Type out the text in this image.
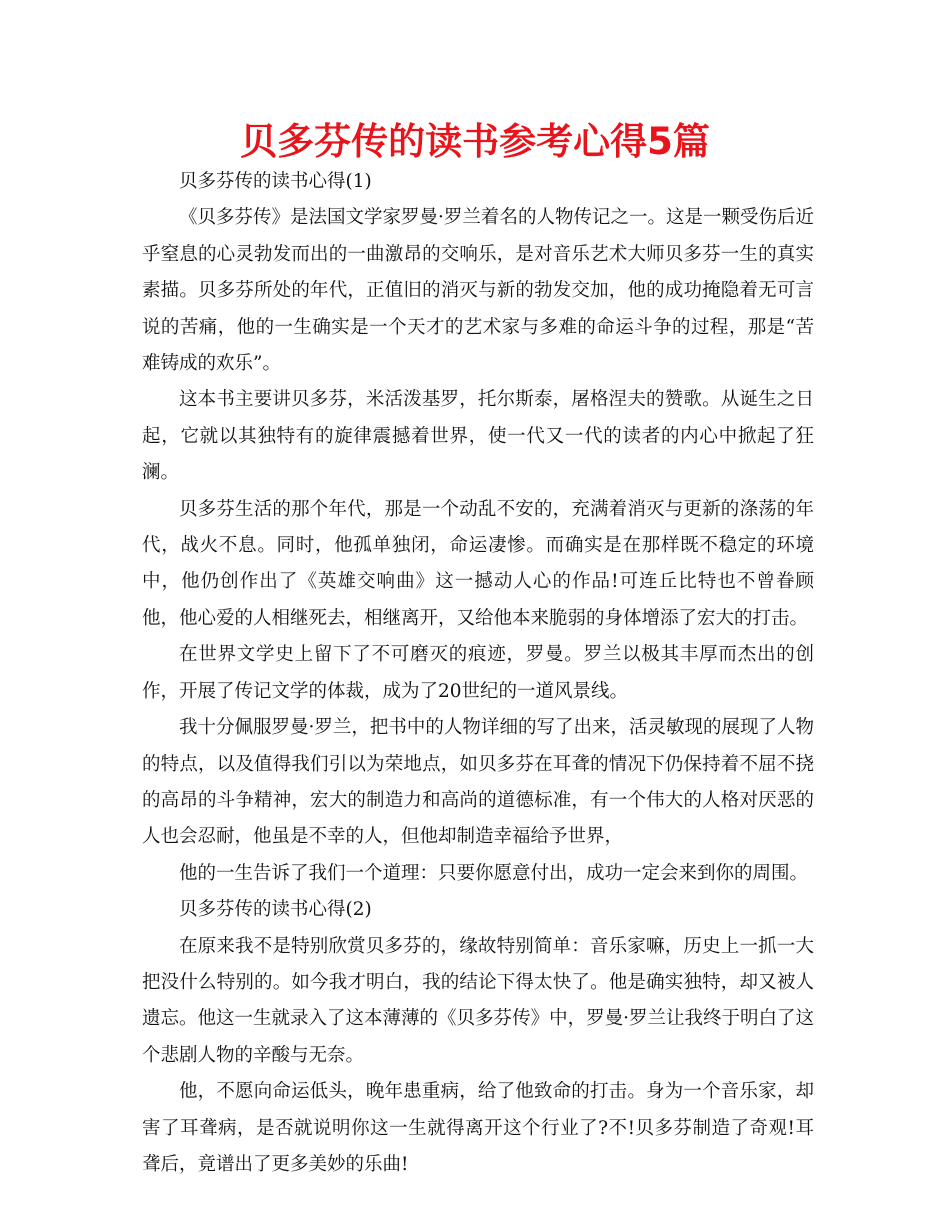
贝多芬传的读书参考心得5篇

贝多芬传的读书心得(1)

《贝多芬传》是法国文学家罗曼·罗兰着名的人物传记之一。这是一颗受伤后近乎窒息的心灵勃发而出的一曲激昂的交响乐，是对音乐艺术大师贝多芬一生的真实素描。贝多芬所处的年代，正值旧的消灭与新的勃发交加，他的成功掩隐着无可言说的苦痛，他的一生确实是一个天才的艺术家与多难的命运斗争的过程，那是“苦难铸成的欢乐”。

这本书主要讲贝多芬，米活泼基罗，托尔斯泰，屠格涅夫的赞歌。从诞生之日起，它就以其独特有的旋律震撼着世界，使一代又一代的读者的内心中掀起了狂澜。

贝多芬生活的那个年代，那是一个动乱不安的，充满着消灭与更新的涤荡的年代，战火不息。同时，他孤单独闭，命运凄惨。而确实是在那样既不稳定的环境中，他仍创作出了《英雄交响曲》这一撼动人心的作品!可连丘比特也不曾眷顾他，他心爱的人相继死去，相继离开，又给他本来脆弱的身体增添了宏大的打击。

在世界文学史上留下了不可磨灭的痕迹，罗曼。罗兰以极其丰厚而杰出的创作，开展了传记文学的体裁，成为了20世纪的一道风景线。

我十分佩服罗曼·罗兰，把书中的人物详细的写了出来，活灵敏现的展现了人物的特点，以及值得我们引以为荣地点，如贝多芬在耳聋的情况下仍保持着不屈不挠的高昂的斗争精神，宏大的制造力和高尚的道德标准，有一个伟大的人格对厌恶的人也会忍耐，他虽是不幸的人，但他却制造幸福给予世界，

他的一生告诉了我们一个道理：只要你愿意付出，成功一定会来到你的周围。

贝多芬传的读书心得(2)

在原来我不是特别欣赏贝多芬的，缘故特别简单：音乐家嘛，历史上一抓一大把没什么特别的。如今我才明白，我的结论下得太快了。他是确实独特，却又被人遗忘。他这一生就录入了这本薄薄的《贝多芬传》中，罗曼·罗兰让我终于明白了这个悲剧人物的辛酸与无奈。

他，不愿向命运低头，晚年患重病，给了他致命的打击。身为一个音乐家，却害了耳聋病，是否就说明你这一生就得离开这个行业了?不!贝多芬制造了奇观!耳聋后，竟谱出了更多美妙的乐曲!
